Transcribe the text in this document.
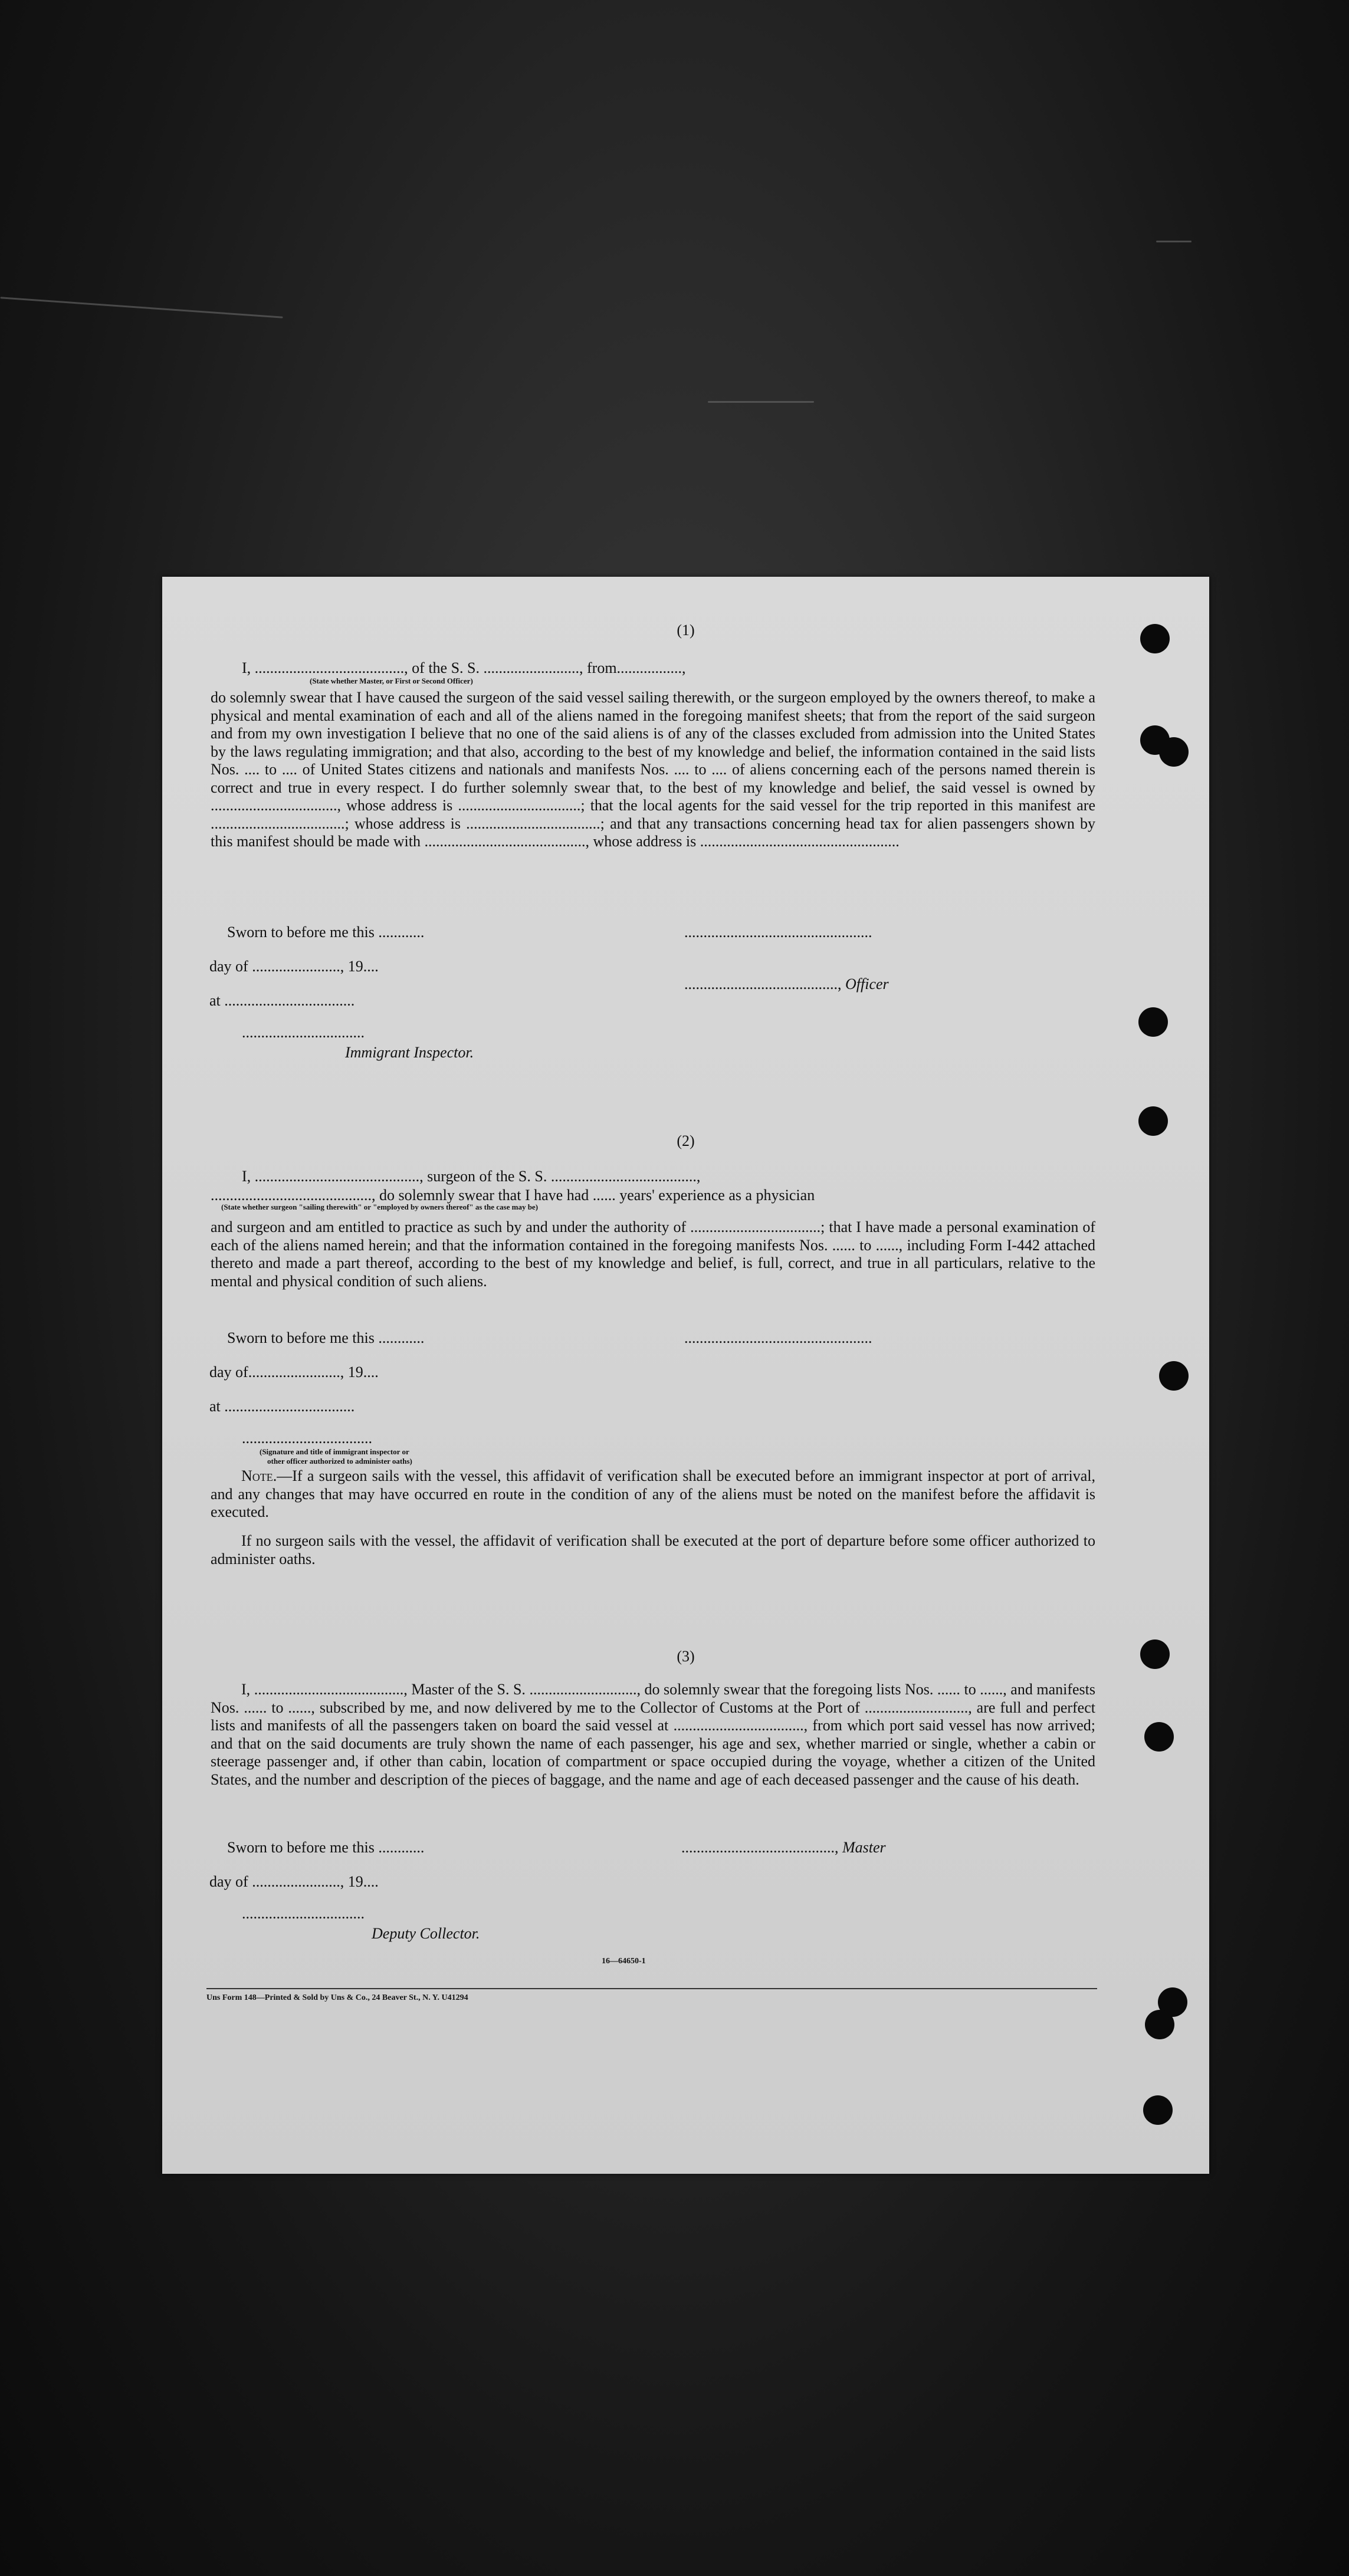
(1)
I, ......................................., of the S. S. ........................., from.................,
(State whether Master, or First or Second Officer)
do solemnly swear that I have caused the surgeon of the said vessel sailing therewith, or the surgeon employed by the owners thereof, to make a physical and mental examination of each and all of the aliens named in the foregoing manifest sheets; that from the report of the said surgeon and from my own investigation I believe that no one of the said aliens is of any of the classes excluded from admission into the United States by the laws regulating immigration; and that also, according to the best of my knowledge and belief, the information contained in the said lists Nos. .... to .... of United States citizens and nationals and manifests Nos. .... to .... of aliens concerning each of the persons named therein is correct and true in every respect. I do further solemnly swear that, to the best of my knowledge and belief, the said vessel is owned by ................................., whose address is ................................; that the local agents for the said vessel for the trip reported in this manifest are ...................................; whose address is ...................................; and that any transactions concerning head tax for alien passengers shown by this manifest should be made with .........................................., whose address is ....................................................
Sworn to before me this ............	.................................................
day of ......................., 19....
........................................, Officer
at ..................................
................................
Immigrant Inspector.
(2)
I, ..........................................., surgeon of the S. S. ......................................,
.........................................., do solemnly swear that I have had ...... years' experience as a physician
(State whether surgeon "sailing therewith" or "employed by owners thereof" as the case may be)
and surgeon and am entitled to practice as such by and under the authority of ..................................; that I have made a personal examination of each of the aliens named herein; and that the information contained in the foregoing manifests Nos. ...... to ......, including Form I-442 attached thereto and made a part thereof, according to the best of my knowledge and belief, is full, correct, and true in all particulars, relative to the mental and physical condition of such aliens.
Sworn to before me this ............	.................................................
day of........................, 19....
at ..................................
..................................
(Signature and title of immigrant inspector or
other officer authorized to administer oaths)
Note.—If a surgeon sails with the vessel, this affidavit of verification shall be executed before an immigrant inspector at port of arrival, and any changes that may have occurred en route in the condition of any of the aliens must be noted on the manifest before the affidavit is executed.
If no surgeon sails with the vessel, the affidavit of verification shall be executed at the port of departure before some officer authorized to administer oaths.
(3)
I, ......................................., Master of the S. S. ............................, do solemnly swear that the foregoing lists Nos. ...... to ......, and manifests Nos. ...... to ......, subscribed by me, and now delivered by me to the Collector of Customs at the Port of ..........................., are full and perfect lists and manifests of all the passengers taken on board the said vessel at .................................., from which port said vessel has now arrived; and that on the said documents are truly shown the name of each passenger, his age and sex, whether married or single, whether a cabin or steerage passenger and, if other than cabin, location of compartment or space occupied during the voyage, whether a citizen of the United States, and the number and description of the pieces of baggage, and the name and age of each deceased passenger and the cause of his death.
Sworn to before me this ............	........................................, Master
day of ......................., 19....
................................
Deputy Collector.
16—64650-1
Uns Form 148—Printed & Sold by Uns & Co., 24 Beaver St., N. Y. U41294
